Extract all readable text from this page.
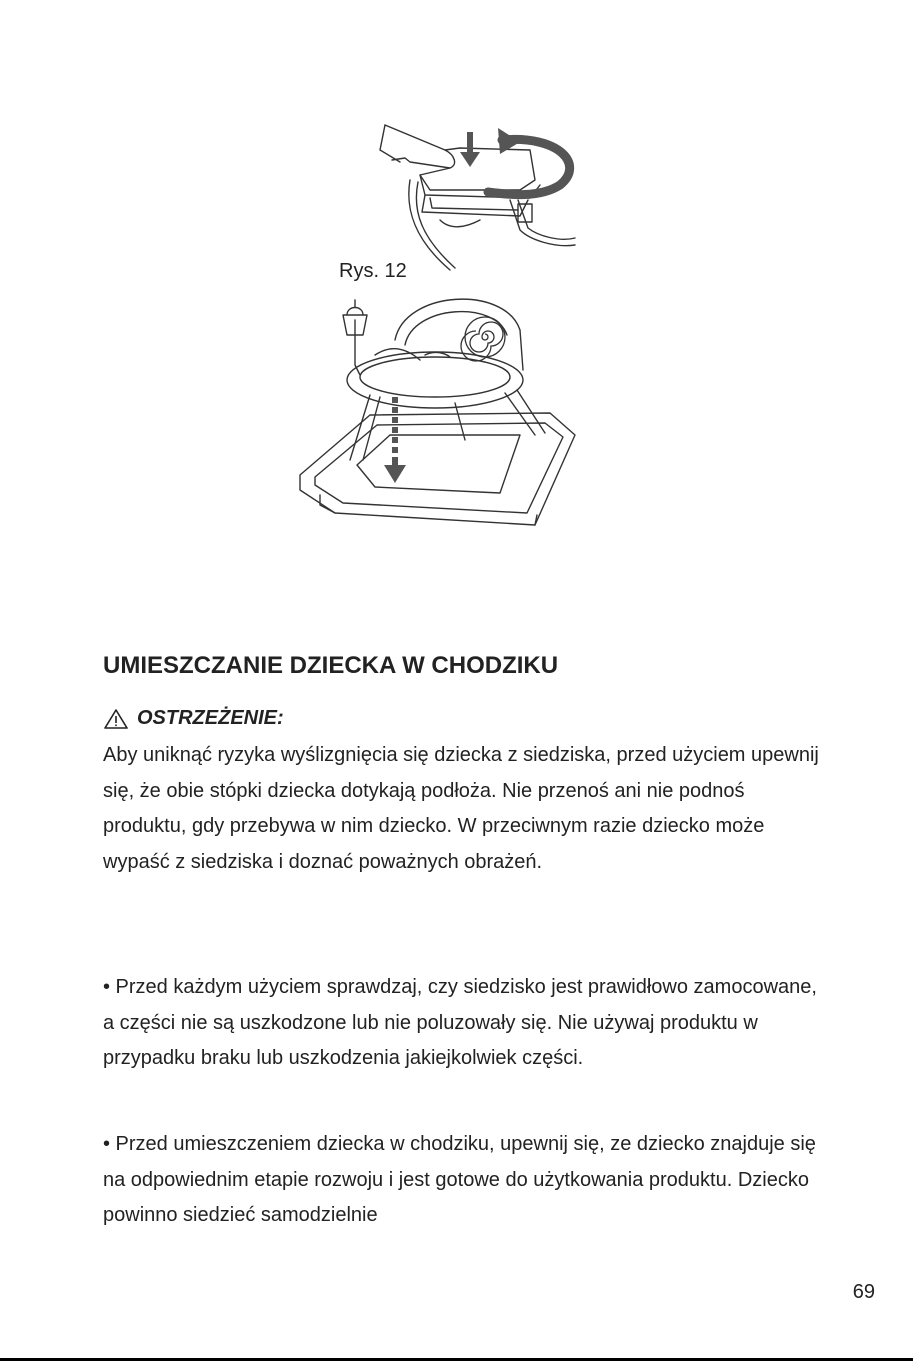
Rys. 12
UMIESZCZANIE DZIECKA W CHODZIKU
OSTRZEŻENIE:

Aby uniknąć ryzyka wyślizgnięcia się dziecka z siedziska, przed użyciem upewnij się, że obie stópki dziecka dotykają podłoża. Nie przenoś ani nie podnoś produktu, gdy przebywa w nim dziecko. W przeciwnym razie dziecko może wypaść z siedziska i doznać poważnych obrażeń.

• Przed każdym użyciem sprawdzaj, czy siedzisko jest prawidłowo zamocowane, a części nie są uszkodzone lub nie poluzowały się. Nie używaj produktu w przypadku braku lub uszkodzenia jakiejkolwiek części.

• Przed umieszczeniem dziecka w chodziku, upewnij się, ze dziecko znajduje się na odpowiednim etapie rozwoju i jest gotowe do użytkowania produktu. Dziecko powinno siedzieć samodzielnie

69
